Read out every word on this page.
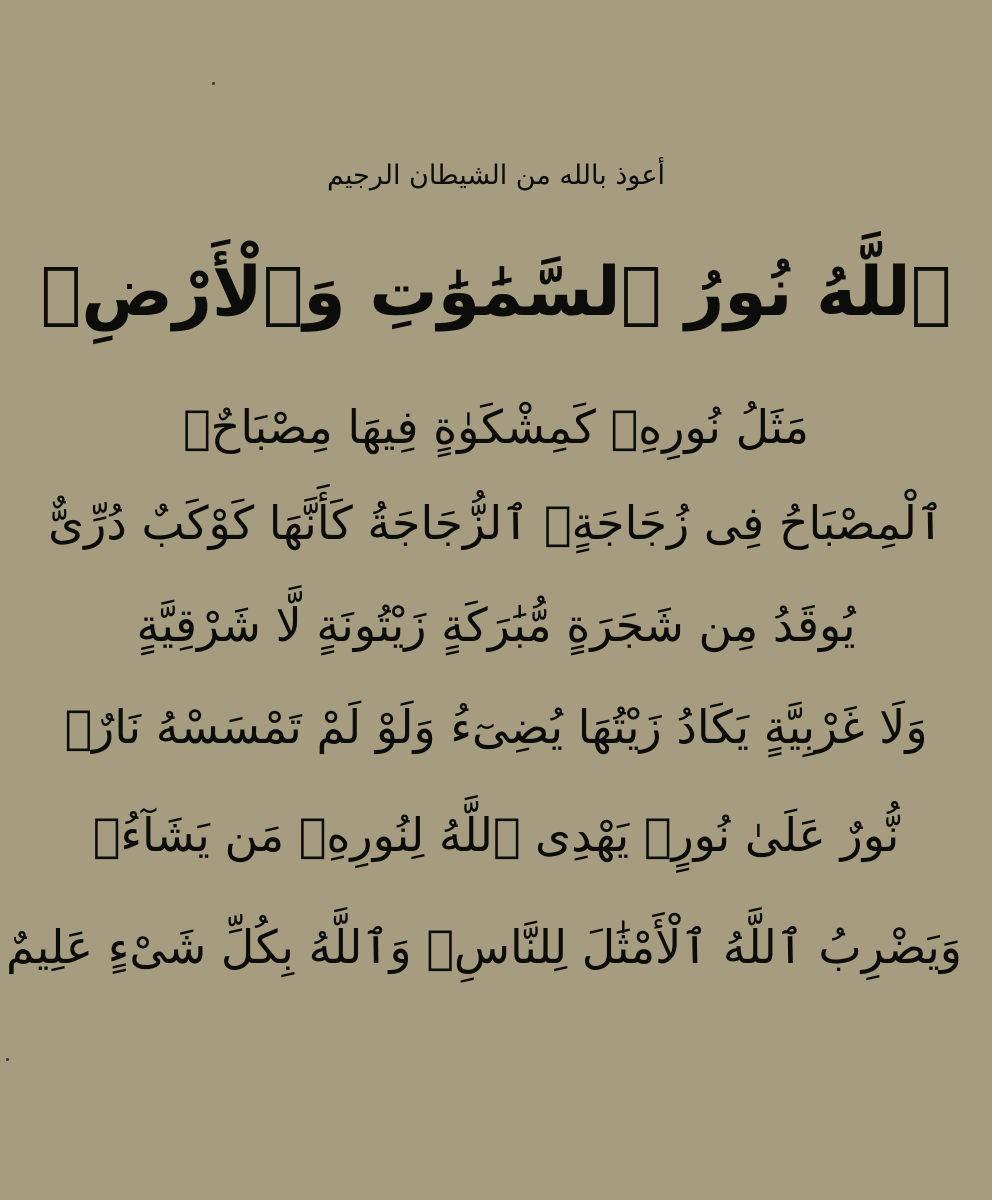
أعوذ بالله من الشيطان الرجيم
ٱللَّهُ نُورُ ٱلسَّمَٰوَٰتِ وَٱلْأَرْضِۚ
مَثَلُ نُورِهِۦ كَمِشْكَوٰةٍ فِيهَا مِصْبَاحٌۖ
ٱلْمِصْبَاحُ فِى زُجَاجَةٍۖ ٱلزُّجَاجَةُ كَأَنَّهَا كَوْكَبٌ دُرِّىٌّ
يُوقَدُ مِن شَجَرَةٍ مُّبَٰرَكَةٍ زَيْتُونَةٍ لَّا شَرْقِيَّةٍ
وَلَا غَرْبِيَّةٍ يَكَادُ زَيْتُهَا يُضِىٓءُ وَلَوْ لَمْ تَمْسَسْهُ نَارٌۚ
نُّورٌ عَلَىٰ نُورٍۗ يَهْدِى ٱللَّهُ لِنُورِهِۦ مَن يَشَآءُۚ
وَيَضْرِبُ ٱللَّهُ ٱلْأَمْثَٰلَ لِلنَّاسِۗ وَٱللَّهُ بِكُلِّ شَىْءٍ عَلِيمٌ
